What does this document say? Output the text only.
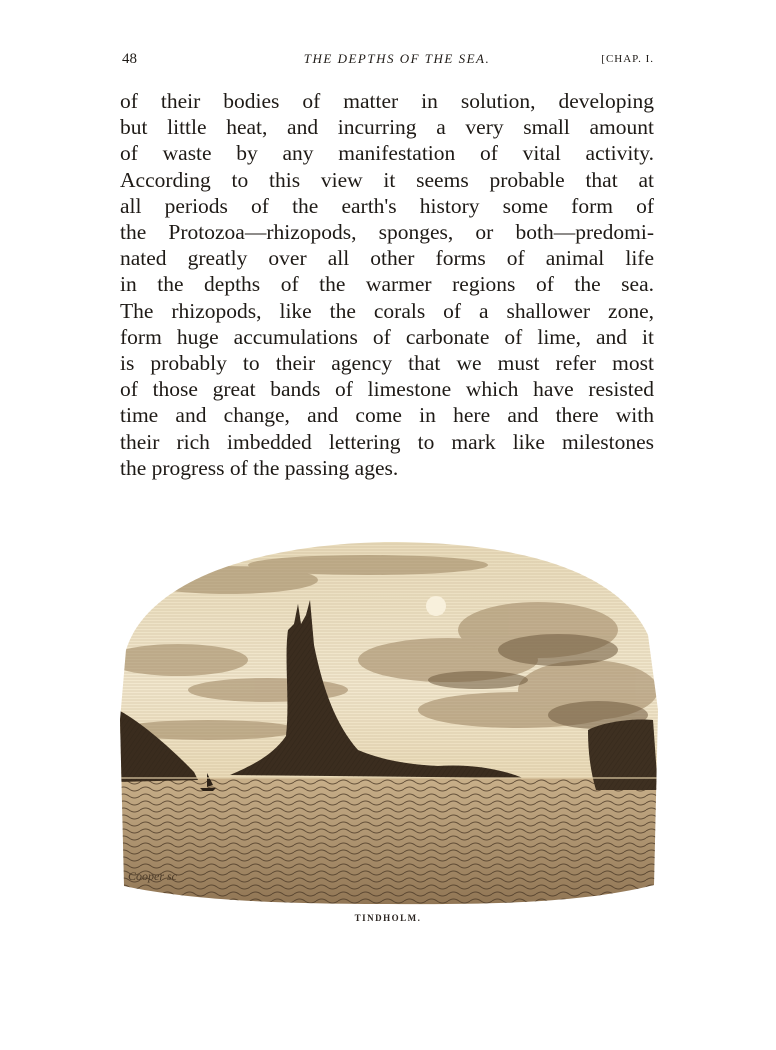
48	THE DEPTHS OF THE SEA.	[CHAP. I.

of their bodies of matter in solution, developing
but little heat, and incurring a very small amount
of waste by any manifestation of vital activity.
According to this view it seems probable that at
all periods of the earth's history some form of
the Protozoa—rhizopods, sponges, or both—predomi-
nated greatly over all other forms of animal life
in the depths of the warmer regions of the sea.
The rhizopods, like the corals of a shallower zone,
form huge accumulations of carbonate of lime, and it
is probably to their agency that we must refer most
of those great bands of limestone which have resisted
time and change, and come in here and there with
their rich imbedded lettering to mark like milestones
the progress of the passing ages.

Cooper sc
TINDHOLM.
